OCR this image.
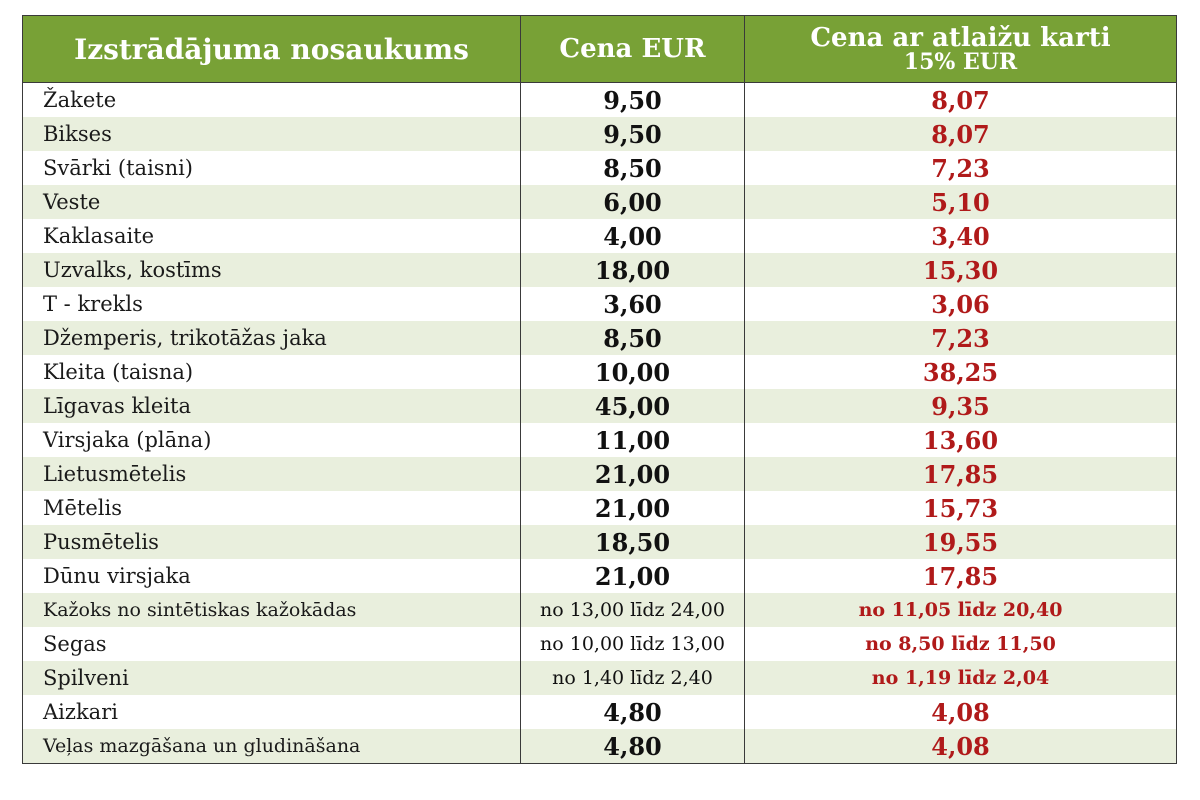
Izstrādājuma nosaukums	Cena EUR	Cena ar atlaižu karti
15% EUR

Žakete	9,50	8,07
Bikses	9,50	8,07
Svārki (taisni)	8,50	7,23
Veste	6,00	5,10
Kaklasaite	4,00	3,40
Uzvalks, kostīms	18,00	15,30
T - krekls	3,60	3,06
Džemperis, trikotāžas jaka	8,50	7,23
Kleita (taisna)	10,00	38,25
Līgavas kleita	45,00	9,35
Virsjaka (plāna)	11,00	13,60
Lietusmētelis	21,00	17,85
Mētelis	21,00	15,73
Pusmētelis	18,50	19,55
Dūnu virsjaka	21,00	17,85
Kažoks no sintētiskas kažokādas	no 13,00 līdz 24,00	no 11,05 līdz 20,40
Segas	no 10,00 līdz 13,00	no 8,50 līdz 11,50
Spilveni	no 1,40 līdz 2,40	no 1,19 līdz 2,04
Aizkari	4,80	4,08
Veļas mazgāšana un gludināšana	4,80	4,08
